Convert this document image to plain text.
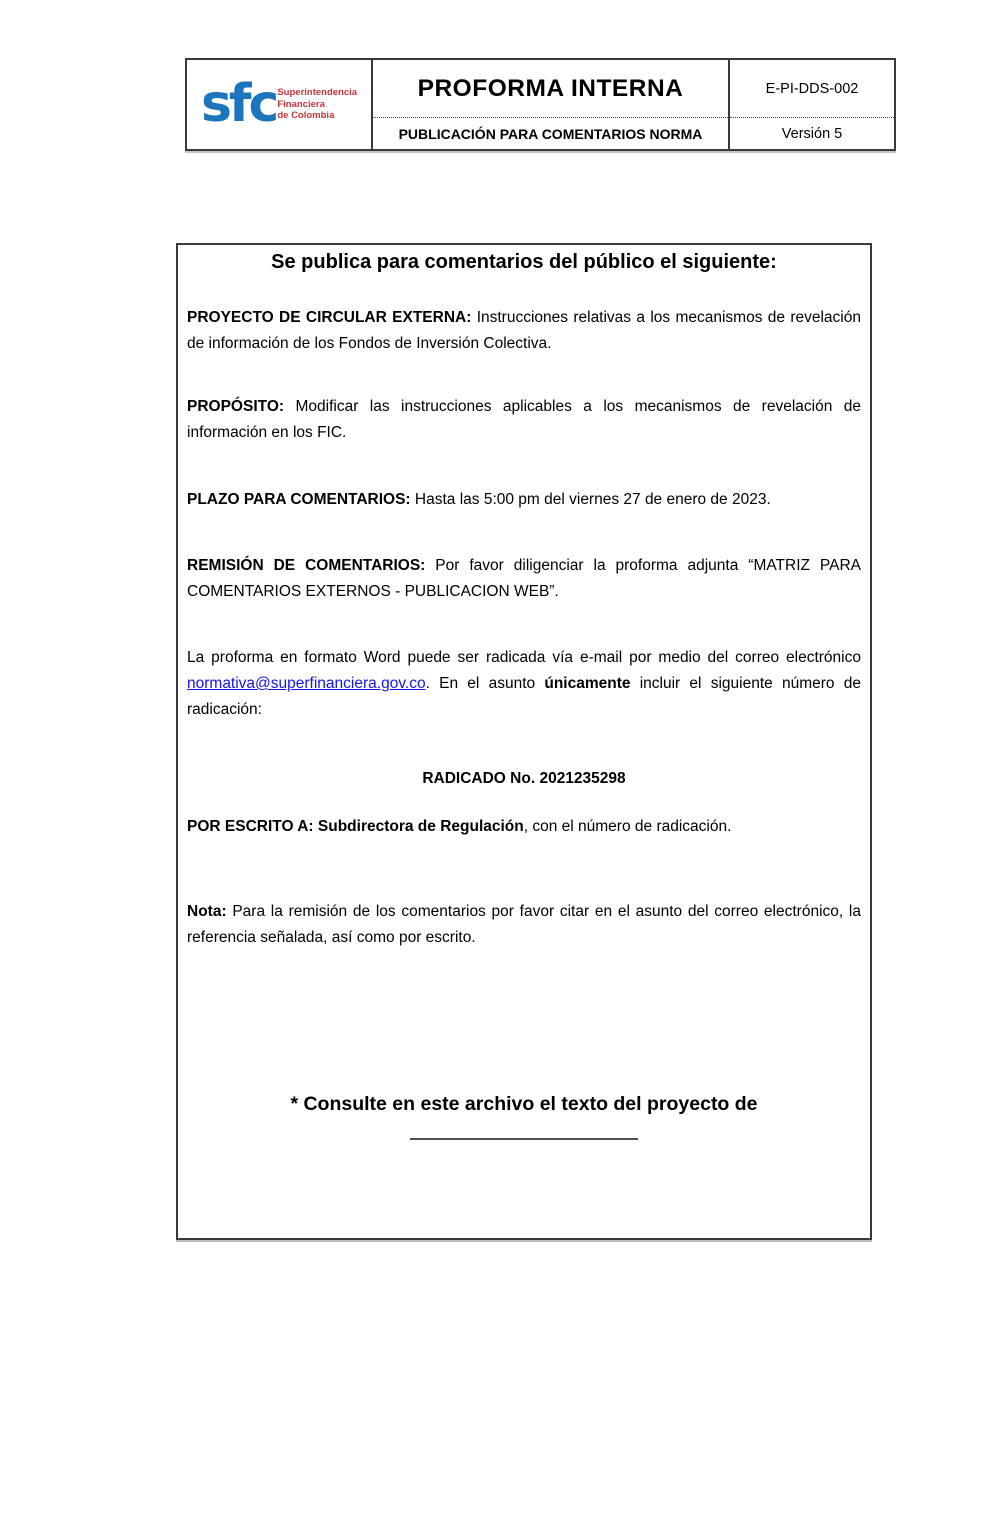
sfc Superintendencia
Financiera
de Colombia
PROFORMA INTERNA
PUBLICACIÓN PARA COMENTARIOS NORMA
E-PI-DDS-002
Versión 5
Se publica para comentarios del público el siguiente:

PROYECTO DE CIRCULAR EXTERNA: Instrucciones relativas a los mecanismos de revelación de información de los Fondos de Inversión Colectiva.

PROPÓSITO: Modificar las instrucciones aplicables a los mecanismos de revelación de información en los FIC.

PLAZO PARA COMENTARIOS: Hasta las 5:00 pm del viernes 27 de enero de 2023.

REMISIÓN DE COMENTARIOS: Por favor diligenciar la proforma adjunta “MATRIZ PARA COMENTARIOS EXTERNOS - PUBLICACION WEB”.

La proforma en formato Word puede ser radicada vía e-mail por medio del correo electrónico normativa@superfinanciera.gov.co. En el asunto únicamente incluir el siguiente número de radicación:

RADICADO No. 2021235298

POR ESCRITO A: Subdirectora de Regulación, con el número de radicación.

Nota: Para la remisión de los comentarios por favor citar en el asunto del correo electrónico, la referencia señalada, así como por escrito.

* Consulte en este archivo el texto del proyecto de
